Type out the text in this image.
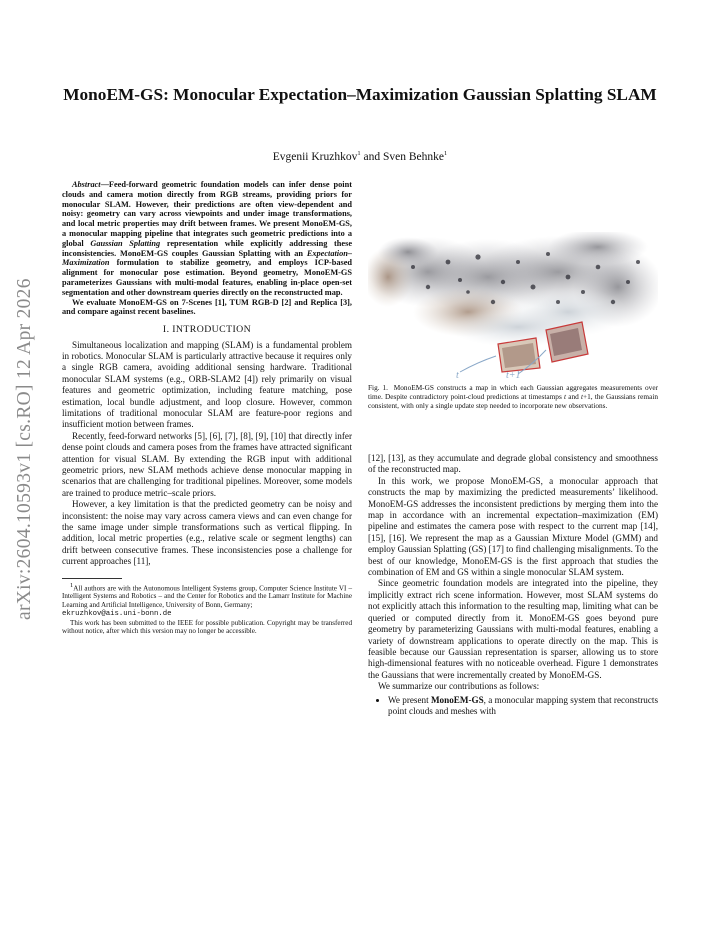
arXiv:2604.10593v1 [cs.RO] 12 Apr 2026
MonoEM-GS: Monocular Expectation–Maximization Gaussian Splatting SLAM
Evgenii Kruzhkov$^1$ and Sven Behnke$^1$

Abstract—Feed-forward geometric foundation models can infer dense point clouds and camera motion directly from RGB streams, providing priors for monocular SLAM. However, their predictions are often view-dependent and noisy: geometry can vary across viewpoints and under image transformations, and local metric properties may drift between frames. We present MonoEM-GS, a monocular mapping pipeline that integrates such geometric predictions into a global Gaussian Splatting representation while explicitly addressing these inconsistencies. MonoEM-GS couples Gaussian Splatting with an Expectation–Maximization formulation to stabilize geometry, and employs ICP-based alignment for monocular pose estimation. Beyond geometry, MonoEM-GS parameterizes Gaussians with multi-modal features, enabling in-place open-set segmentation and other downstream queries directly on the reconstructed map.

We evaluate MonoEM-GS on 7-Scenes [1], TUM RGB-D [2] and Replica [3], and compare against recent baselines.

I. INTRODUCTION

Simultaneous localization and mapping (SLAM) is a fundamental problem in robotics. Monocular SLAM is particularly attractive because it requires only a single RGB camera, avoiding additional sensing hardware. Traditional monocular SLAM systems (e.g., ORB-SLAM2 [4]) rely primarily on visual features and geometric optimization, including feature matching, pose estimation, local bundle adjustment, and loop closure. However, common limitations of traditional monocular SLAM are feature-poor regions and insufficient motion between frames.

Recently, feed-forward networks [5], [6], [7], [8], [9], [10] that directly infer dense point clouds and camera poses from the frames have attracted significant attention for visual SLAM. By extending the RGB input with additional geometric priors, new SLAM methods achieve dense monocular mapping in scenarios that are challenging for traditional pipelines. Moreover, some models are trained to produce metric–scale priors.

However, a key limitation is that the predicted geometry can be noisy and inconsistent: the noise may vary across camera views and can even change for the same image under simple transformations such as vertical flipping. In addition, local metric properties (e.g., relative scale or segment lengths) can drift between consecutive frames. These inconsistencies pose a challenge for current approaches [11],

$^1$All authors are with the Autonomous Intelligent Systems group, Computer Science Institute VI – Intelligent Systems and Robotics – and the Center for Robotics and the Lamarr Institute for Machine Learning and Artificial Intelligence, University of Bonn, Germany;
ekruzhkov@ais.uni-bonn.de

This work has been submitted to the IEEE for possible publication. Copyright may be transferred without notice, after which this version may no longer be accessible.

t	t+1
Fig. 1. MonoEM-GS constructs a map in which each Gaussian aggregates measurements over time. Despite contradictory point-cloud predictions at timestamps t and t+1, the Gaussians remain consistent, with only a single update step needed to incorporate new observations.

[12], [13], as they accumulate and degrade global consistency and smoothness of the reconstructed map.

In this work, we propose MonoEM-GS, a monocular approach that constructs the map by maximizing the predicted measurements’ likelihood. MonoEM-GS addresses the inconsistent predictions by merging them into the map in accordance with an incremental expectation–maximization (EM) pipeline and estimates the camera pose with respect to the current map [14], [15], [16]. We represent the map as a Gaussian Mixture Model (GMM) and employ Gaussian Splatting (GS) [17] to find challenging misalignments. To the best of our knowledge, MonoEM-GS is the first approach that studies the combination of EM and GS within a single monocular SLAM system.

Since geometric foundation models are integrated into the pipeline, they implicitly extract rich scene information. However, most SLAM systems do not explicitly attach this information to the resulting map, limiting what can be queried or computed directly from it. MonoEM-GS goes beyond pure geometry by parameterizing Gaussians with multi-modal features, enabling a variety of downstream applications to operate directly on the map. This is feasible because our Gaussian representation is sparser, allowing us to store high-dimensional features with no noticeable overhead. Figure 1 demonstrates the Gaussians that were incrementally created by MonoEM-GS.

We summarize our contributions as follows:

• We present MonoEM-GS, a monocular mapping system that reconstructs point clouds and meshes with
